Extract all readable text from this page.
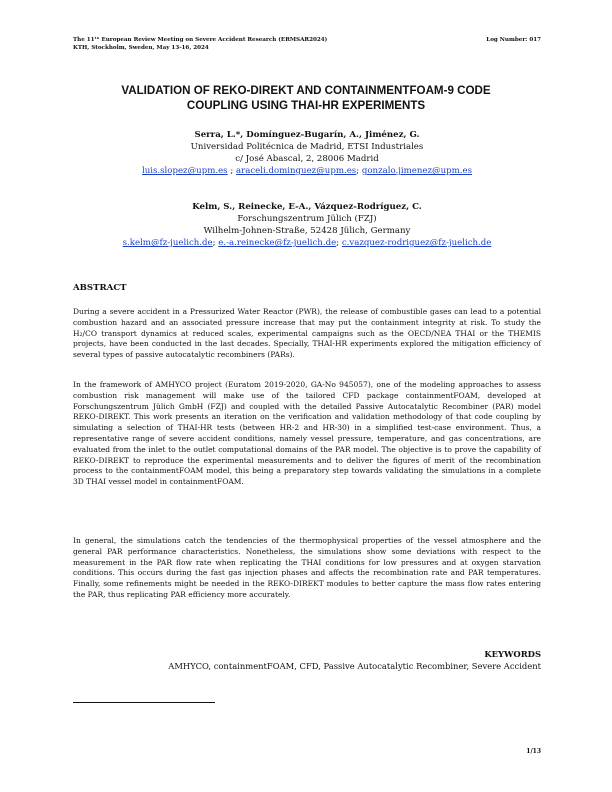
The 11ᵗʰ European Review Meeting on Severe Accident Research (ERMSAR2024)
KTH, Stockholm, Sweden, May 13-16, 2024
Log Number: 017
VALIDATION OF REKO-DIREKT AND CONTAINMENTFOAM-9 CODE
COUPLING USING THAI-HR EXPERIMENTS
Serra, L.*, Domínguez-Bugarín, A., Jiménez, G.
Universidad Politécnica de Madrid, ETSI Industriales
c/ José Abascal, 2, 28006 Madrid
luis.slopez@upm.es ; araceli.dominguez@upm.es; gonzalo.jimenez@upm.es
Kelm, S., Reinecke, E-A., Vázquez-Rodríguez, C.
Forschungszentrum Jülich (FZJ)
Wilhelm-Johnen-Straße, 52428 Jülich, Germany
s.kelm@fz-juelich.de; e.-a.reinecke@fz-juelich.de; c.vazquez-rodriguez@fz-juelich.de
ABSTRACT
During a severe accident in a Pressurized Water Reactor (PWR), the release of combustible gases can lead to a potential combustion hazard and an associated pressure increase that may put the containment integrity at risk. To study the H₂/CO transport dynamics at reduced scales, experimental campaigns such as the OECD/NEA THAI or the THEMIS projects, have been conducted in the last decades. Specially, THAI-HR experiments explored the mitigation efficiency of several types of passive autocatalytic recombiners (PARs).
In the framework of AMHYCO project (Euratom 2019-2020, GA-No 945057), one of the modeling approaches to assess combustion risk management will make use of the tailored CFD package containmentFOAM, developed at Forschungszentrum Jülich GmbH (FZJ) and coupled with the detailed Passive Autocatalytic Recombiner (PAR) model REKO-DIREKT. This work presents an iteration on the verification and validation methodology of that code coupling by simulating a selection of THAI-HR tests (between HR-2 and HR-30) in a simplified test-case environment. Thus, a representative range of severe accident conditions, namely vessel pressure, temperature, and gas concentrations, are evaluated from the inlet to the outlet computational domains of the PAR model. The objective is to prove the capability of REKO-DIREKT to reproduce the experimental measurements and to deliver the figures of merit of the recombination process to the containmentFOAM model, this being a preparatory step towards validating the simulations in a complete 3D THAI vessel model in containmentFOAM.
In general, the simulations catch the tendencies of the thermophysical properties of the vessel atmosphere and the general PAR performance characteristics. Nonetheless, the simulations show some deviations with respect to the measurement in the PAR flow rate when replicating the THAI conditions for low pressures and at oxygen starvation conditions. This occurs during the fast gas injection phases and affects the recombination rate and PAR temperatures. Finally, some refinements might be needed in the REKO-DIREKT modules to better capture the mass flow rates entering the PAR, thus replicating PAR efficiency more accurately.
KEYWORDS
AMHYCO, containmentFOAM, CFD, Passive Autocatalytic Recombiner, Severe Accident
1/13
